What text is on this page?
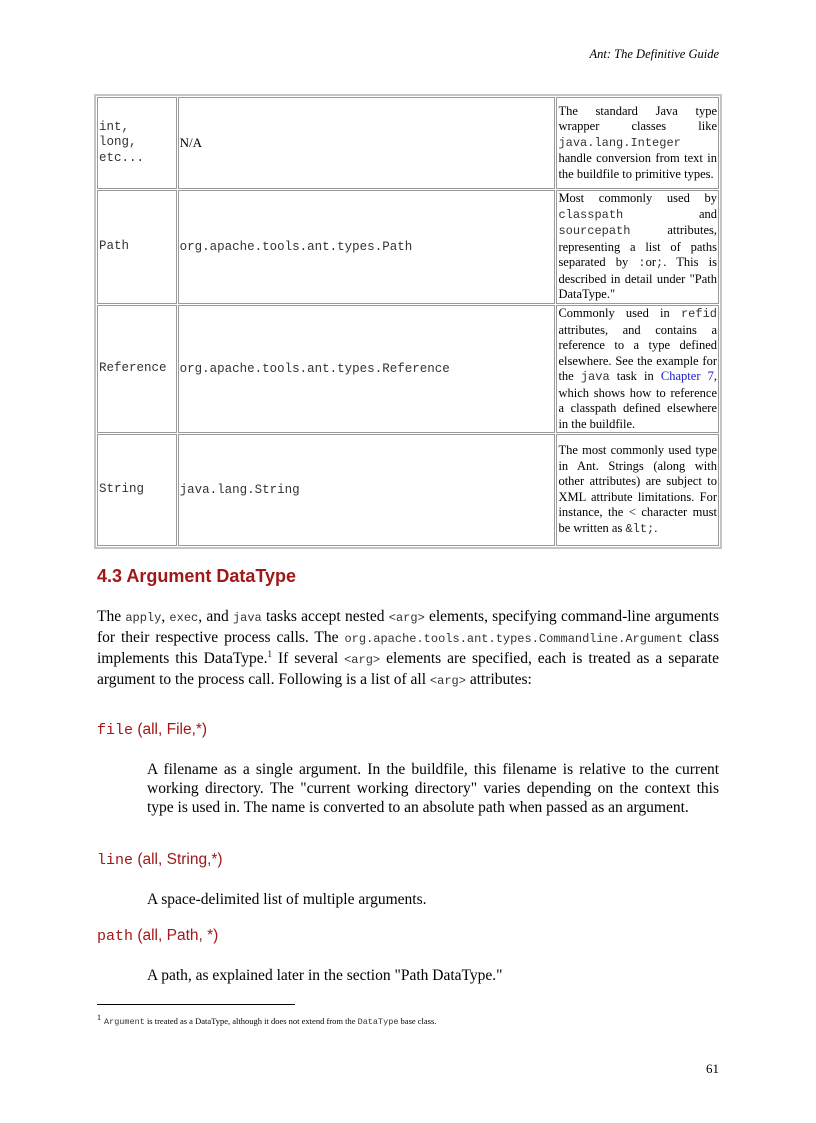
Ant: The Definitive Guide
int,
long,
etc...	N/A	The standard Java type wrapper classes like java.lang.Integer handle conversion from text in the buildfile to primitive types.
Path	org.apache.tools.ant.types.Path	Most commonly used by classpath and sourcepath attributes, representing a list of paths separated by :or;. This is described in detail under "Path DataType."
Reference	org.apache.tools.ant.types.Reference	Commonly used in refid attributes, and contains a reference to a type defined elsewhere. See the example for the java task in Chapter 7, which shows how to reference a classpath defined elsewhere in the buildfile.
String	java.lang.String	The most commonly used type in Ant. Strings (along with other attributes) are subject to XML attribute limitations. For instance, the < character must be written as &lt;.
4.3 Argument DataType

The apply, exec, and java tasks accept nested <arg> elements, specifying command-line arguments for their respective process calls. The org.apache.tools.ant.types.Commandline.Argument class implements this DataType.$^1$ If several <arg> elements are specified, each is treated as a separate argument to the process call. Following is a list of all <arg> attributes:

file (all, File,*)

A filename as a single argument. In the buildfile, this filename is relative to the current working directory. The "current working directory" varies depending on the context this type is used in. The name is converted to an absolute path when passed as an argument.

line (all, String,*)

A space-delimited list of multiple arguments.

path (all, Path, *)

A path, as explained later in the section "Path DataType."

1 Argument is treated as a DataType, although it does not extend from the DataType base class.
61
